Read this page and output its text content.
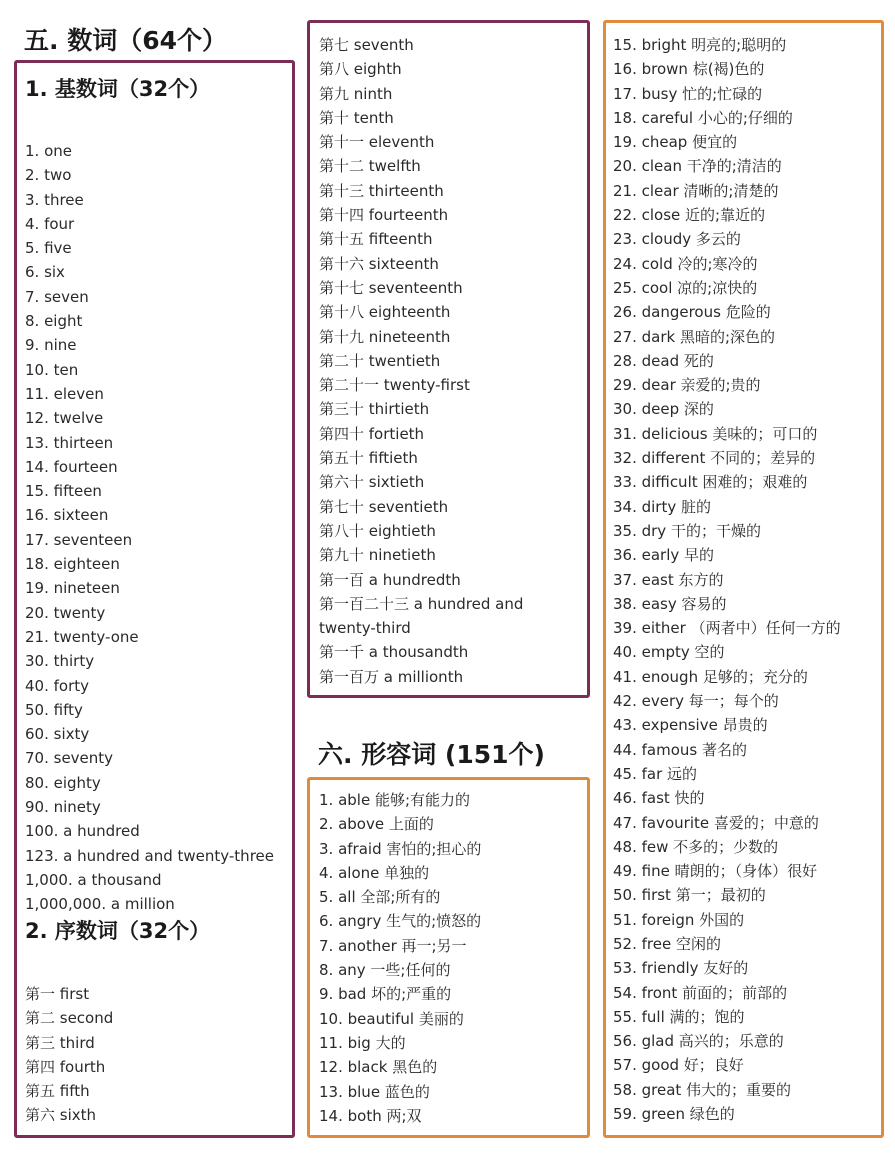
五. 数词（64个）
1. 基数词（32个）
1. one
2. two
3. three
4. four
5. five
6. six
7. seven
8. eight
9. nine
10. ten
11. eleven
12. twelve
13. thirteen
14. fourteen
15. fifteen
16. sixteen
17. seventeen
18. eighteen
19. nineteen
20. twenty
21. twenty-one
30. thirty
40. forty
50. fifty
60. sixty
70. seventy
80. eighty
90. ninety
100. a hundred
123. a hundred and twenty-three
1,000. a thousand
1,000,000. a million
2. 序数词（32个）
第一 first
第二 second
第三 third
第四 fourth
第五 fifth
第六 sixth
第七 seventh
第八 eighth
第九 ninth
第十 tenth
第十一 eleventh
第十二 twelfth
第十三 thirteenth
第十四 fourteenth
第十五 fifteenth
第十六 sixteenth
第十七 seventeenth
第十八 eighteenth
第十九 nineteenth
第二十 twentieth
第二十一 twenty-first
第三十 thirtieth
第四十 fortieth
第五十 fiftieth
第六十 sixtieth
第七十 seventieth
第八十 eightieth
第九十 ninetieth
第一百 a hundredth
第一百二十三 a hundred and
twenty-third
第一千 a thousandth
第一百万 a millionth
六. 形容词 (151个)
1. able 能够;有能力的
2. above 上面的
3. afraid 害怕的;担心的
4. alone 单独的
5. all 全部;所有的
6. angry 生气的;愤怒的
7. another 再一;另一
8. any 一些;任何的
9. bad 坏的;严重的
10. beautiful 美丽的
11. big 大的
12. black 黑色的
13. blue 蓝色的
14. both 两;双
15. bright 明亮的;聪明的
16. brown 棕(褐)色的
17. busy 忙的;忙碌的
18. careful 小心的;仔细的
19. cheap 便宜的
20. clean 干净的;清洁的
21. clear 清晰的;清楚的
22. close 近的;靠近的
23. cloudy 多云的
24. cold 冷的;寒冷的
25. cool 凉的;凉快的
26. dangerous 危险的
27. dark 黑暗的;深色的
28. dead 死的
29. dear 亲爱的;贵的
30. deep 深的
31. delicious 美味的；可口的
32. different 不同的；差异的
33. difficult 困难的；艰难的
34. dirty 脏的
35. dry 干的；干燥的
36. early 早的
37. east 东方的
38. easy 容易的
39. either （两者中）任何一方的
40. empty 空的
41. enough 足够的；充分的
42. every 每一；每个的
43. expensive 昂贵的
44. famous 著名的
45. far 远的
46. fast 快的
47. favourite 喜爱的；中意的
48. few 不多的；少数的
49. fine 晴朗的；（身体）很好
50. first 第一；最初的
51. foreign 外国的
52. free 空闲的
53. friendly 友好的
54. front 前面的；前部的
55. full 满的；饱的
56. glad 高兴的；乐意的
57. good 好；良好
58. great 伟大的；重要的
59. green 绿色的
